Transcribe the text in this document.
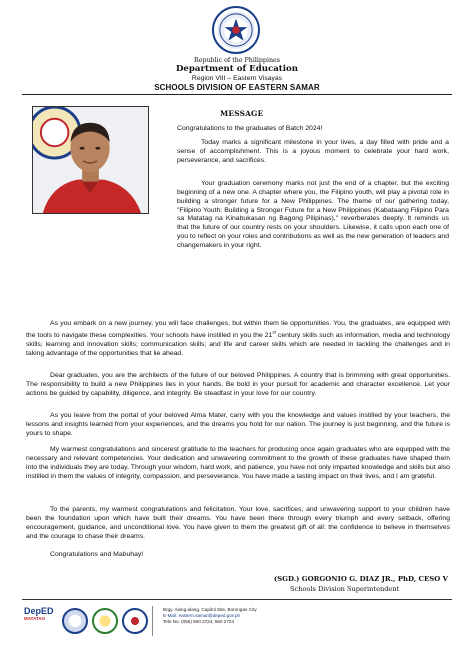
Republic of the Philippines
Department of Education
Region VIII – Eastern Visayas
SCHOOLS DIVISION OF EASTERN SAMAR
MESSAGE

Congratulations to the graduates of Batch 2024!

Today marks a significant milestone in your lives, a day filled with pride and a sense of accomplishment. This is a joyous moment to celebrate your hard work, perseverance, and sacrifices.

Your graduation ceremony marks not just the end of a chapter, but the exciting beginning of a new one. A chapter where you, the Filipino youth, will play a pivotal role in building a stronger future for a New Philippines. The theme of our gathering today, "Filipino Youth: Building a Stronger Future for a New Philippines (Kabataang Filipino Para sa Matatag na Kinabukasan ng Bagong Pilipinas)," reverberates deeply. It reminds us that the future of our country rests on your shoulders. Likewise, it calls upon each one of you to reflect on your roles and contributions as well as the new generation of leaders and changemakers in your right.

As you embark on a new journey, you will face challenges, but within them lie opportunities. You, the graduates, are equipped with the tools to navigate these complexities. Your schools have instilled in you the 21st century skills such as information, media and technology skills; learning and innovation skills; communication skills; and life and career skills which are needed in tackling the challenges and in taking advantage of the opportunities that lie ahead.

Dear graduates, you are the architects of the future of our beloved Philippines. A country that is brimming with great opportunities. The responsibility to build a new Philippines lies in your hands. Be bold in your pursuit for academic and character excellence. Let your actions be guided by capability, diligence, and integrity. Be steadfast in your love for our country.

As you leave from the portal of your beloved Alma Mater, carry with you the knowledge and values instilled by your teachers, the lessons and insights learned from your experiences, and the dreams you hold for our nation. The journey is just beginning, and the future is yours to shape.

My warmest congratulations and sincerest gratitude to the teachers for producing once again graduates who are equipped with the necessary and relevant competencies. Your dedication and unwavering commitment to the growth of these graduates have shaped them into the individuals they are today. Through your wisdom, hard work, and patience, you have not only imparted knowledge and skills but also instilled in them the values of integrity, compassion, and perseverance. You have made a lasting impact on their lives, and I am grateful.

To the parents, my warmest congratulations and felicitation. Your love, sacrifices, and unwavering support to your children have been the foundation upon which have built their dreams. You have been there through every triumph and every setback, offering encouragement, guidance, and unconditional love. You have given to them the greatest gift of all: the confidence to believe in themselves and the courage to chase their dreams.

Congratulations and Mabuhay!

(SGD.) GORGONIO G. DIAZ JR., PhD, CESO V
Schools Division Superintendent
DepED
MATATAG
Brgy. Alang-alang, Capitol Site, Borongan City
E-Mail: eastern.samar@deped.gov.ph
Tele No. (055) 560 2724; 560 2724
